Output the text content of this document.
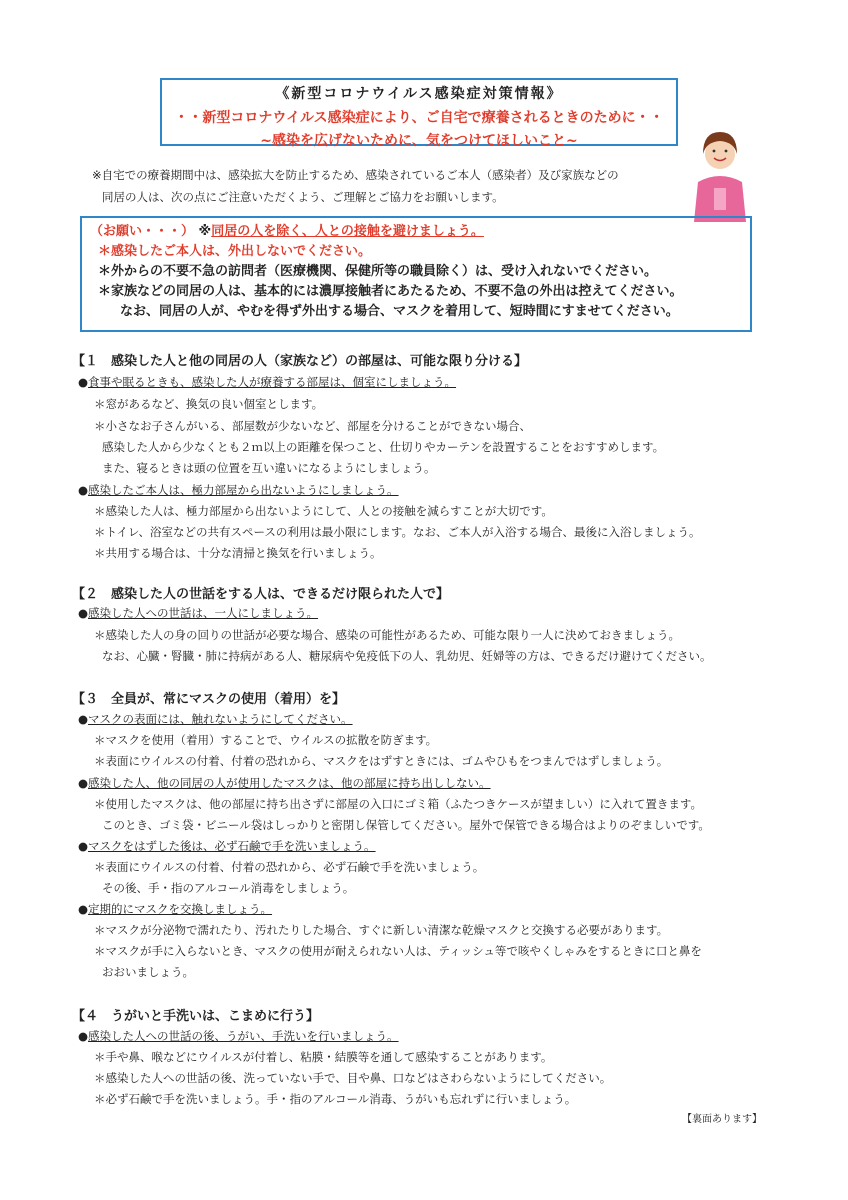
《新型コロナウイルス感染症対策情報》
・・新型コロナウイルス感染症により、ご自宅で療養されるときのために・・
~感染を広げないために、気をつけてほしいこと~
※自宅での療養期間中は、感染拡大を防止するため、感染されているご本人（感染者）及び家族などの
同居の人は、次の点にご注意いただくよう、ご理解とご協力をお願いします。
（お願い・・・） ※同居の人を除く、人との接触を避けましょう。
＊感染したご本人は、外出しないでください。
＊外からの不要不急の訪問者（医療機関、保健所等の職員除く）は、受け入れないでください。
＊家族などの同居の人は、基本的には濃厚接触者にあたるため、不要不急の外出は控えてください。
なお、同居の人が、やむを得ず外出する場合、マスクを着用して、短時間にすませてください。
【１　感染した人と他の同居の人（家族など）の部屋は、可能な限り分ける】
●食事や眠るときも、感染した人が療養する部屋は、個室にしましょう。
＊窓があるなど、換気の良い個室とします。
＊小さなお子さんがいる、部屋数が少ないなど、部屋を分けることができない場合、
感染した人から少なくとも２ｍ以上の距離を保つこと、仕切りやカーテンを設置することをおすすめします。
また、寝るときは頭の位置を互い違いになるようにしましょう。
●感染したご本人は、極力部屋から出ないようにしましょう。
＊感染した人は、極力部屋から出ないようにして、人との接触を減らすことが大切です。
＊トイレ、浴室などの共有スペースの利用は最小限にします。なお、ご本人が入浴する場合、最後に入浴しましょう。
＊共用する場合は、十分な清掃と換気を行いましょう。
【２　感染した人の世話をする人は、できるだけ限られた人で】
●感染した人への世話は、一人にしましょう。
＊感染した人の身の回りの世話が必要な場合、感染の可能性があるため、可能な限り一人に決めておきましょう。
なお、心臓・腎臓・肺に持病がある人、糖尿病や免疫低下の人、乳幼児、妊婦等の方は、できるだけ避けてください。
【３　全員が、常にマスクの使用（着用）を】
●マスクの表面には、触れないようにしてください。
＊マスクを使用（着用）することで、ウイルスの拡散を防ぎます。
＊表面にウイルスの付着、付着の恐れから、マスクをはずすときには、ゴムやひもをつまんではずしましょう。
●感染した人、他の同居の人が使用したマスクは、他の部屋に持ち出ししない。
＊使用したマスクは、他の部屋に持ち出さずに部屋の入口にゴミ箱（ふたつきケースが望ましい）に入れて置きます。
このとき、ゴミ袋・ビニール袋はしっかりと密閉し保管してください。屋外で保管できる場合はよりのぞましいです。
●マスクをはずした後は、必ず石鹸で手を洗いましょう。
＊表面にウイルスの付着、付着の恐れから、必ず石鹸で手を洗いましょう。
その後、手・指のアルコール消毒をしましょう。
●定期的にマスクを交換しましょう。
＊マスクが分泌物で濡れたり、汚れたりした場合、すぐに新しい清潔な乾燥マスクと交換する必要があります。
＊マスクが手に入らないとき、マスクの使用が耐えられない人は、ティッシュ等で咳やくしゃみをするときに口と鼻を
おおいましょう。
【４　うがいと手洗いは、こまめに行う】
●感染した人への世話の後、うがい、手洗いを行いましょう。
＊手や鼻、喉などにウイルスが付着し、粘膜・結膜等を通して感染することがあります。
＊感染した人への世話の後、洗っていない手で、目や鼻、口などはさわらないようにしてください。
＊必ず石鹸で手を洗いましょう。手・指のアルコール消毒、うがいも忘れずに行いましょう。
【裏面あります】
